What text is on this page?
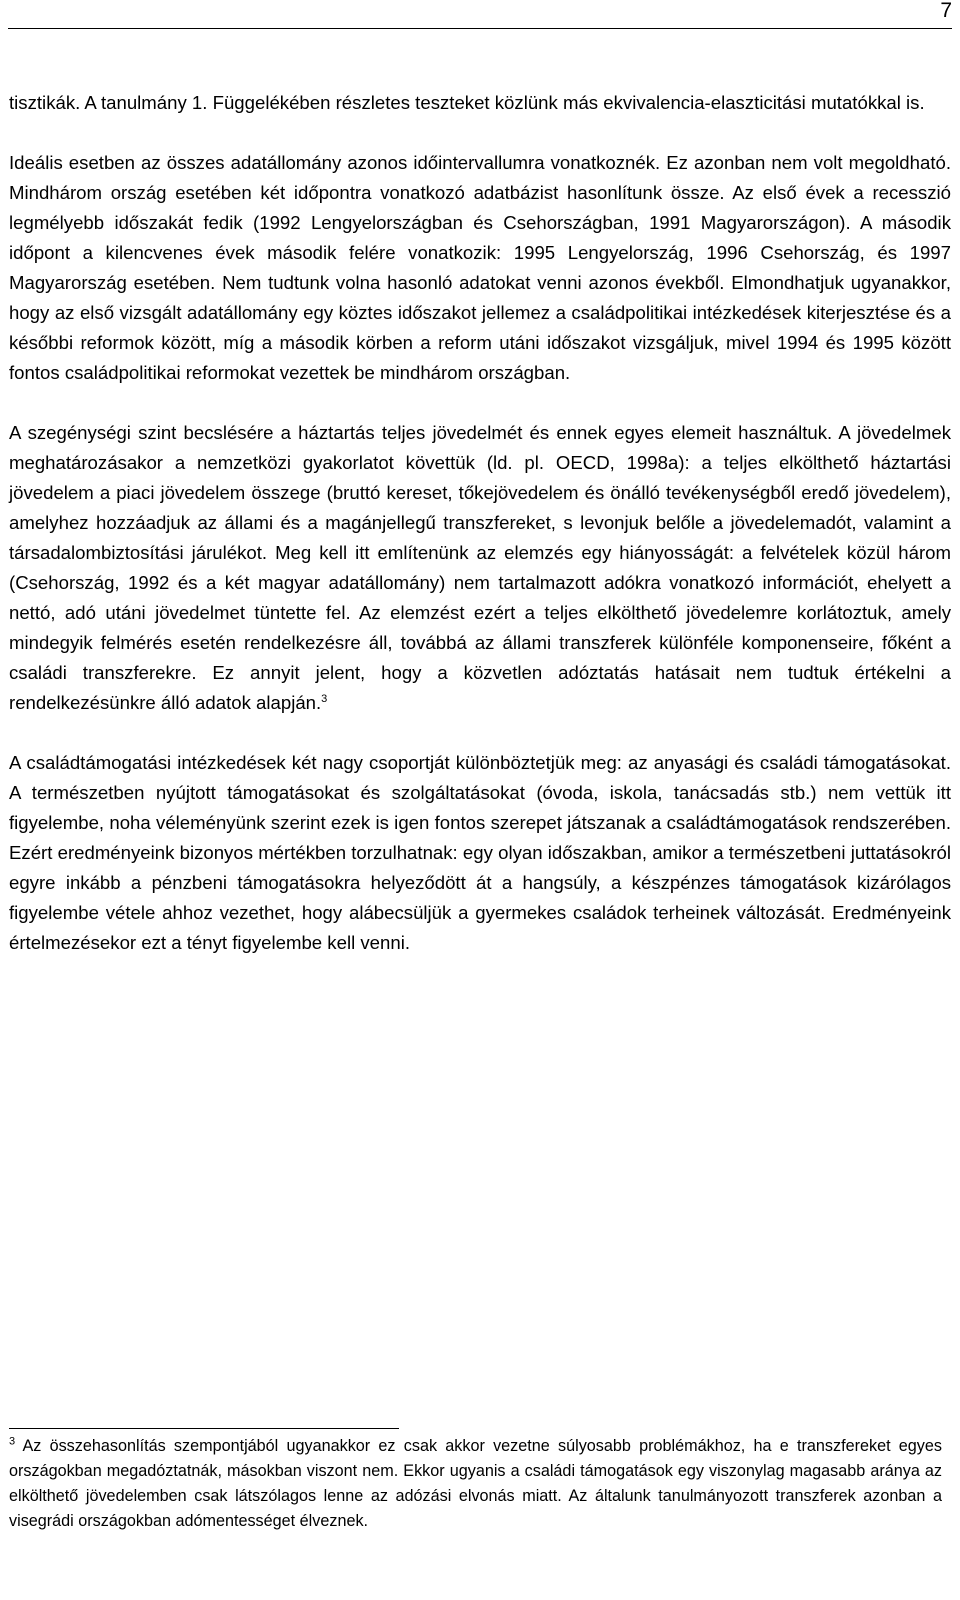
7

tisztikák. A tanulmány 1. Függelékében részletes teszteket közlünk más ekvivalencia-elaszticitási mutatókkal is.

Ideális esetben az összes adatállomány azonos időintervallumra vonatkoznék. Ez azonban nem volt megoldható. Mindhárom ország esetében két időpontra vonatkozó adatbázist hasonlítunk össze. Az első évek a recesszió legmélyebb időszakát fedik (1992 Lengyelországban és Csehországban, 1991 Magyarországon). A második időpont a kilencvenes évek második felére vonatkozik: 1995 Lengyelország, 1996 Csehország, és 1997 Magyarország esetében. Nem tudtunk volna hasonló adatokat venni azonos évekből. Elmondhatjuk ugyanakkor, hogy az első vizsgált adatállomány egy köztes időszakot jellemez a családpolitikai intézkedések kiterjesztése és a későbbi reformok között, míg a második körben a reform utáni időszakot vizsgáljuk, mivel 1994 és 1995 között fontos családpolitikai reformokat vezettek be mindhárom országban.

A szegénységi szint becslésére a háztartás teljes jövedelmét és ennek egyes elemeit használtuk. A jövedelmek meghatározásakor a nemzetközi gyakorlatot követtük (ld. pl. OECD, 1998a): a teljes elkölthető háztartási jövedelem a piaci jövedelem összege (bruttó kereset, tőkejövedelem és önálló tevékenységből eredő jövedelem), amelyhez hozzáadjuk az állami és a magánjellegű transzfereket, s levonjuk belőle a jövedelemadót, valamint a társadalombiztosítási járulékot. Meg kell itt említenünk az elemzés egy hiányosságát: a felvételek közül három (Csehország, 1992 és a két magyar adatállomány) nem tartalmazott adókra vonatkozó információt, ehelyett a nettó, adó utáni jövedelmet tüntette fel. Az elemzést ezért a teljes elkölthető jövedelemre korlátoztuk, amely mindegyik felmérés esetén rendelkezésre áll, továbbá az állami transzferek különféle komponenseire, főként a családi transzferekre. Ez annyit jelent, hogy a közvetlen adóztatás hatásait nem tudtuk értékelni a rendelkezésünkre álló adatok alapján.$^3$

A családtámogatási intézkedések két nagy csoportját különböztetjük meg: az anyasági és családi támogatásokat. A természetben nyújtott támogatásokat és szolgáltatásokat (óvoda, iskola, tanácsadás stb.) nem vettük itt figyelembe, noha véleményünk szerint ezek is igen fontos szerepet játszanak a családtámogatások rendszerében. Ezért eredményeink bizonyos mértékben torzulhatnak: egy olyan időszakban, amikor a természetbeni juttatásokról egyre inkább a pénzbeni támogatásokra helyeződött át a hangsúly, a készpénzes támogatások kizárólagos figyelembe vétele ahhoz vezethet, hogy alábecsüljük a gyermekes családok terheinek változását. Eredményeink értelmezésekor ezt a tényt figyelembe kell venni.

$^3$ Az összehasonlítás szempontjából ugyanakkor ez csak akkor vezetne súlyosabb problémákhoz, ha e transzfereket egyes országokban megadóztatnák, másokban viszont nem. Ekkor ugyanis a családi támogatások egy viszonylag magasabb aránya az elkölthető jövedelemben csak látszólagos lenne az adózási elvonás miatt. Az általunk tanulmányozott transzferek azonban a visegrádi országokban adómentességet élveznek.
